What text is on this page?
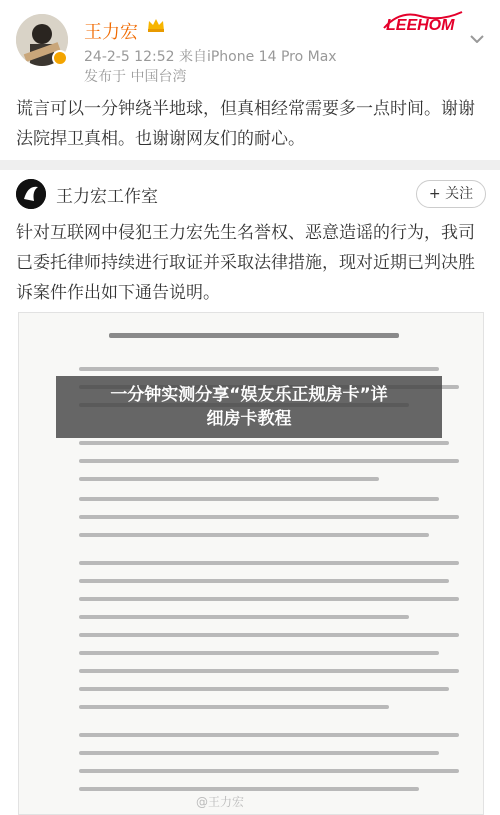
王力宏
24-2-5 12:52 来自iPhone 14 Pro Max
发布于 中国台湾
LEEHOM
谎言可以一分钟绕半地球，但真相经常需要多一点时间。谢谢法院捍卫真相。也谢谢网友们的耐心。
王力宏工作室	+ 关注
针对互联网中侵犯王力宏先生名誉权、恶意造谣的行为，我司已委托律师持续进行取证并采取法律措施，现对近期已判决胜诉案件作出如下通告说明。
一分钟实测分享“娱友乐正规房卡”详
细房卡教程
@王力宏
